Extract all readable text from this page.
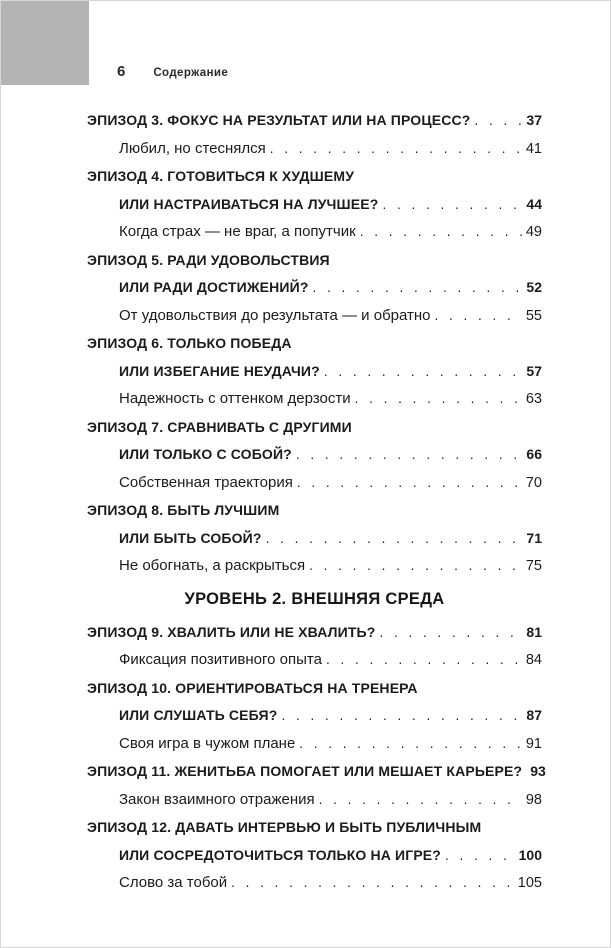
6 Содержание
ЭПИЗОД 3. ФОКУС НА РЕЗУЛЬТАТ ИЛИ НА ПРОЦЕСС? . . .	37
Любил, но стеснялся . . .	41
ЭПИЗОД 4. ГОТОВИТЬСЯ К ХУДШЕМУ
ИЛИ НАСТРАИВАТЬСЯ НА ЛУЧШЕЕ? . . .	44
Когда страх — не враг, а попутчик . . .	49
ЭПИЗОД 5. РАДИ УДОВОЛЬСТВИЯ
ИЛИ РАДИ ДОСТИЖЕНИЙ? . . .	52
От удовольствия до результата — и обратно . . .	55
ЭПИЗОД 6. ТОЛЬКО ПОБЕДА
ИЛИ ИЗБЕГАНИЕ НЕУДАЧИ? . . .	57
Надежность с оттенком дерзости . . .	63
ЭПИЗОД 7. СРАВНИВАТЬ С ДРУГИМИ
ИЛИ ТОЛЬКО С СОБОЙ? . . .	66
Собственная траектория . . .	70
ЭПИЗОД 8. БЫТЬ ЛУЧШИМ
ИЛИ БЫТЬ СОБОЙ? . . .	71
Не обогнать, а раскрыться . . .	75
УРОВЕНЬ 2. ВНЕШНЯЯ СРЕДА
ЭПИЗОД 9. ХВАЛИТЬ ИЛИ НЕ ХВАЛИТЬ? . . .	81
Фиксация позитивного опыта . . .	84
ЭПИЗОД 10. ОРИЕНТИРОВАТЬСЯ НА ТРЕНЕРА
ИЛИ СЛУШАТЬ СЕБЯ? . . .	87
Своя игра в чужом плане . . .	91
ЭПИЗОД 11. ЖЕНИТЬБА ПОМОГАЕТ ИЛИ МЕШАЕТ КАРЬЕРЕ? 93
Закон взаимного отражения . . .	98
ЭПИЗОД 12. ДАВАТЬ ИНТЕРВЬЮ И БЫТЬ ПУБЛИЧНЫМ
ИЛИ СОСРЕДОТОЧИТЬСЯ ТОЛЬКО НА ИГРЕ? . . .	100
Слово за тобой . . .	105
